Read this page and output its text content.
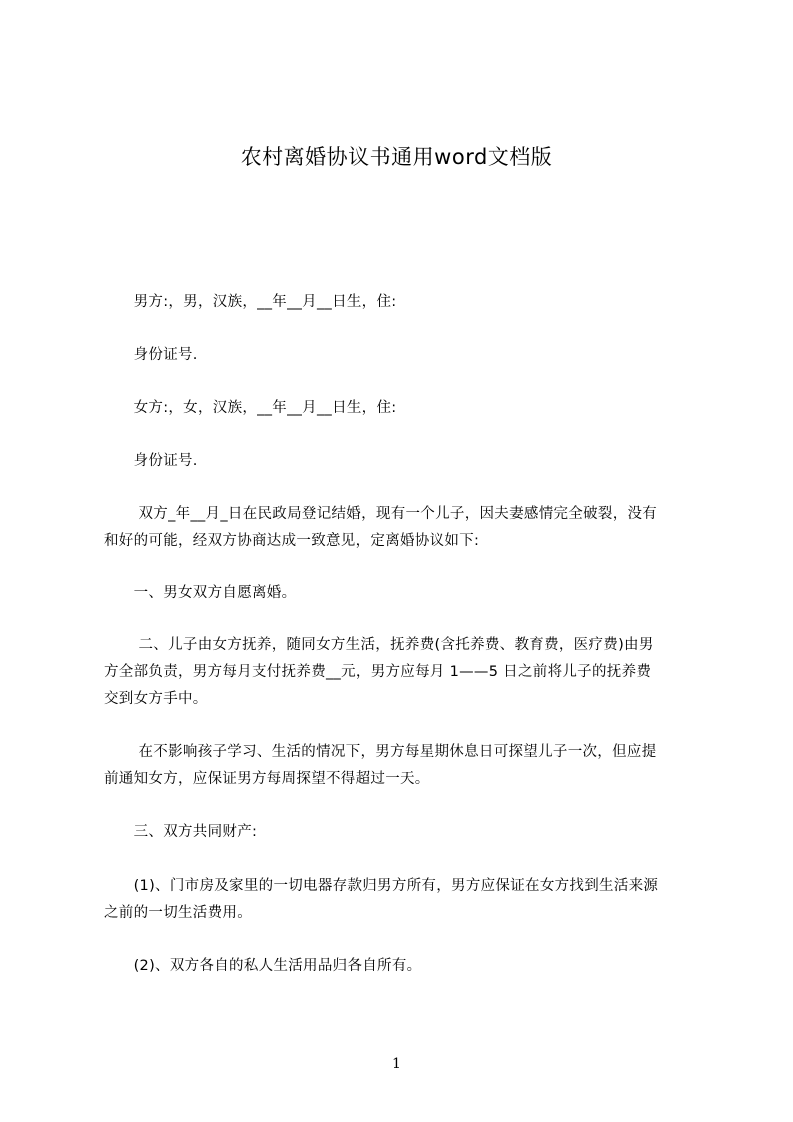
农村离婚协议书通用word文档版
　　男方:，男，汉族，__年__月__日生，住:
　　身份证号.
　　女方:，女，汉族，__年__月__日生，住:
　　身份证号.
　　 双方_年__月_日在民政局登记结婚，现有一个儿子，因夫妻感情完全破裂，没有
和好的可能，经双方协商达成一致意见，定离婚协议如下:
　　一、男女双方自愿离婚。
　　 二、儿子由女方抚养，随同女方生活，抚养费(含托养费、教育费，医疗费)由男
方全部负责，男方每月支付抚养费__元，男方应每月 1——5 日之前将儿子的抚养费
交到女方手中。
　　 在不影响孩子学习、生活的情况下，男方每星期休息日可探望儿子一次，但应提
前通知女方，应保证男方每周探望不得超过一天。
　　三、双方共同财产:
　　(1)、门市房及家里的一切电器存款归男方所有，男方应保证在女方找到生活来源
之前的一切生活费用。
　　(2)、双方各自的私人生活用品归各自所有。
1
